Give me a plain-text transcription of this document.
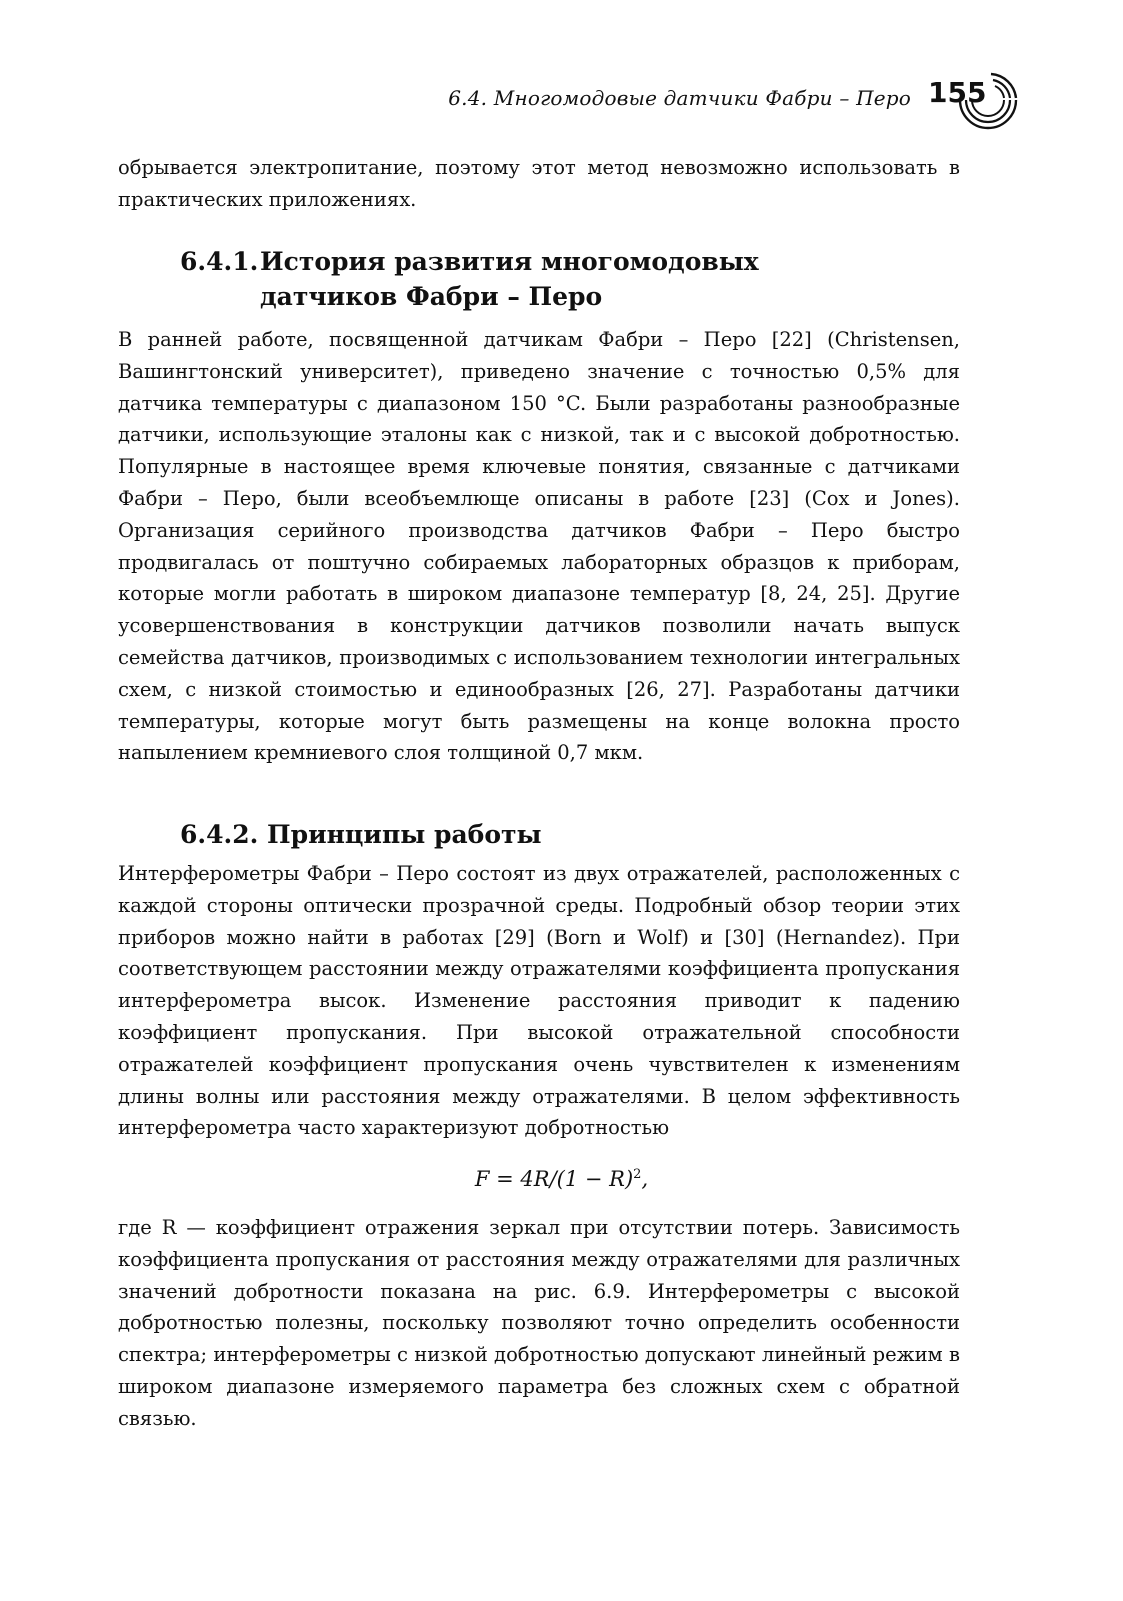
6.4. Многомодовые датчики Фабри – Перо 155

обрывается электропитание, поэтому этот метод невозможно использовать в практических приложениях.

6.4.1.История развития многомодовых
датчиков Фабри – Перо

В ранней работе, посвященной датчикам Фабри – Перо [22] (Christensen, Вашингтонский университет), приведено значение с точностью 0,5% для датчика температуры с диапазоном 150 °C. Были разработаны разнообразные датчики, использующие эталоны как с низкой, так и с высокой добротностью. Популярные в настоящее время ключевые понятия, связанные с датчиками Фабри – Перо, были всеобъемлюще описаны в работе [23] (Cox и Jones). Организация серийного производства датчиков Фабри – Перо быстро продвигалась от поштучно собираемых лабораторных образцов к приборам, которые могли работать в широком диапазоне температур [8, 24, 25]. Другие усовершенствования в конструкции датчиков позволили начать выпуск семейства датчиков, производимых с использованием технологии интегральных схем, с низкой стоимостью и единообразных [26, 27]. Разработаны датчики температуры, которые могут быть размещены на конце волокна просто напылением кремниевого слоя толщиной 0,7 мкм.

6.4.2. Принципы работы

Интерферометры Фабри – Перо состоят из двух отражателей, расположенных с каждой стороны оптически прозрачной среды. Подробный обзор теории этих приборов можно найти в работах [29] (Born и Wolf) и [30] (Hernandez). При соответствующем расстоянии между отражателями коэффициента пропускания интерферометра высок. Изменение расстояния приводит к падению коэффициент пропускания. При высокой отражательной способности отражателей коэффициент пропускания очень чувствителен к изменениям длины волны или расстояния между отражателями. В целом эффективность интерферометра часто характеризуют добротностью

$F = 4R/(1 - R)^2$,

где R — коэффициент отражения зеркал при отсутствии потерь. Зависимость коэффициента пропускания от расстояния между отражателями для различных значений добротности показана на рис. 6.9. Интерферометры с высокой добротностью полезны, поскольку позволяют точно определить особенности спектра; интерферометры с низкой добротностью допускают линейный режим в широком диапазоне измеряемого параметра без сложных схем с обратной связью.
